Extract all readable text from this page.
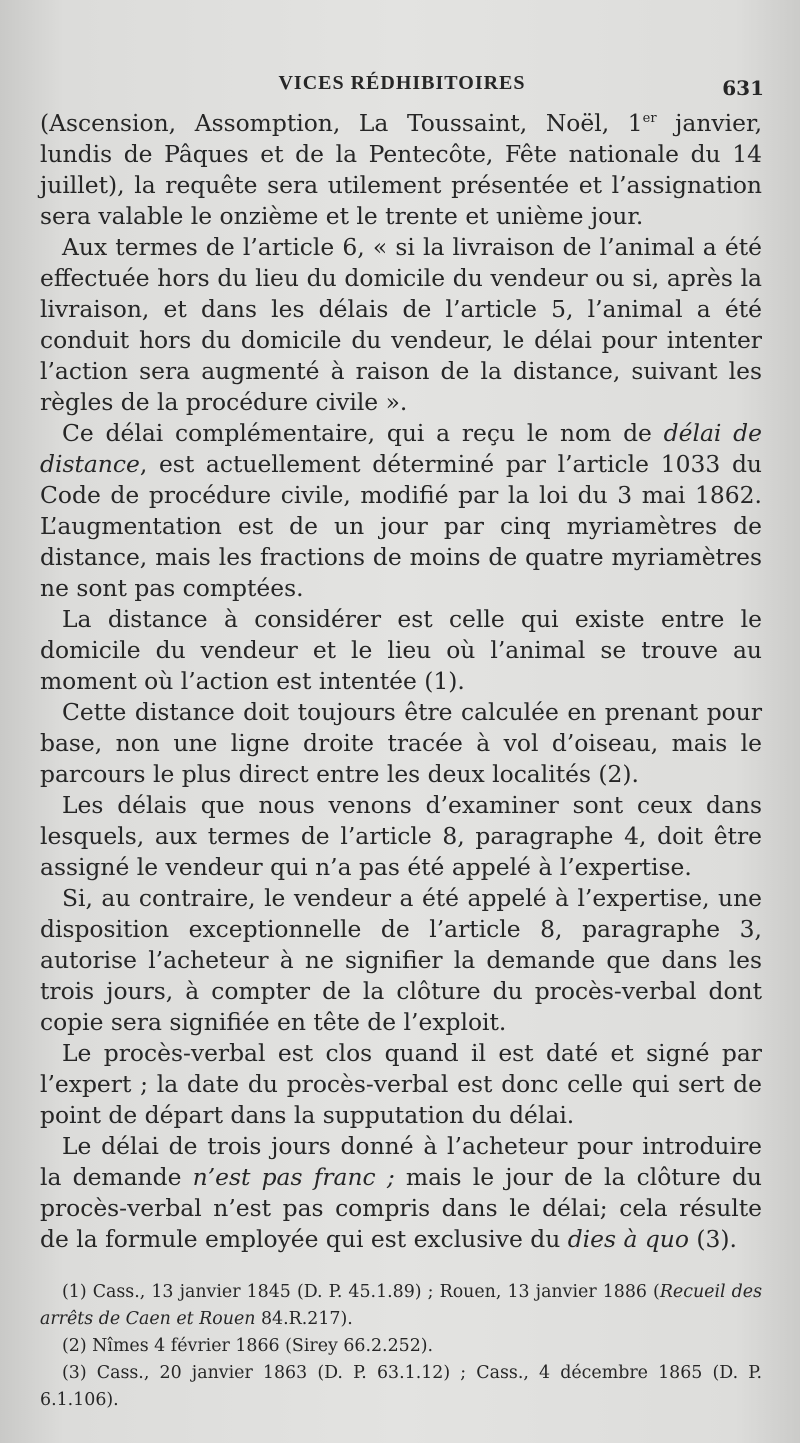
VICES RÉDHIBITOIRES	631

(Ascension, Assomption, La Toussaint, Noël, 1er janvier, lundis de Pâques et de la Pentecôte, Fête nationale du 14 juillet), la requête sera utilement présentée et l’assignation sera valable le onzième et le trente et unième jour.

Aux termes de l’article 6, « si la livraison de l’animal a été effectuée hors du lieu du domicile du vendeur ou si, après la livraison, et dans les délais de l’article 5, l’animal a été conduit hors du domicile du vendeur, le délai pour intenter l’action sera augmenté à raison de la distance, suivant les règles de la procédure civile ».

Ce délai complémentaire, qui a reçu le nom de délai de distance, est actuellement déterminé par l’article 1033 du Code de procédure civile, modifié par la loi du 3 mai 1862. L’augmentation est de un jour par cinq myriamètres de distance, mais les fractions de moins de quatre myriamètres ne sont pas comptées.

La distance à considérer est celle qui existe entre le domicile du vendeur et le lieu où l’animal se trouve au moment où l’action est intentée (1).

Cette distance doit toujours être calculée en prenant pour base, non une ligne droite tracée à vol d’oiseau, mais le parcours le plus direct entre les deux localités (2).

Les délais que nous venons d’examiner sont ceux dans lesquels, aux termes de l’article 8, paragraphe 4, doit être assigné le vendeur qui n’a pas été appelé à l’expertise.

Si, au contraire, le vendeur a été appelé à l’expertise, une disposition exceptionnelle de l’article 8, paragraphe 3, autorise l’acheteur à ne signifier la demande que dans les trois jours, à compter de la clôture du procès-verbal dont copie sera signifiée en tête de l’exploit.

Le procès-verbal est clos quand il est daté et signé par l’expert ; la date du procès-verbal est donc celle qui sert de point de départ dans la supputation du délai.

Le délai de trois jours donné à l’acheteur pour introduire la demande n’est pas franc ; mais le jour de la clôture du procès-verbal n’est pas compris dans le délai; cela résulte de la formule employée qui est exclusive du dies à quo (3).

(1) Cass., 13 janvier 1845 (D. P. 45.1.89) ; Rouen, 13 janvier 1886 (Recueil des arrêts de Caen et Rouen 84.R.217).

(2) Nîmes 4 février 1866 (Sirey 66.2.252).

(3) Cass., 20 janvier 1863 (D. P. 63.1.12) ; Cass., 4 décembre 1865 (D. P. 6.1.106).
